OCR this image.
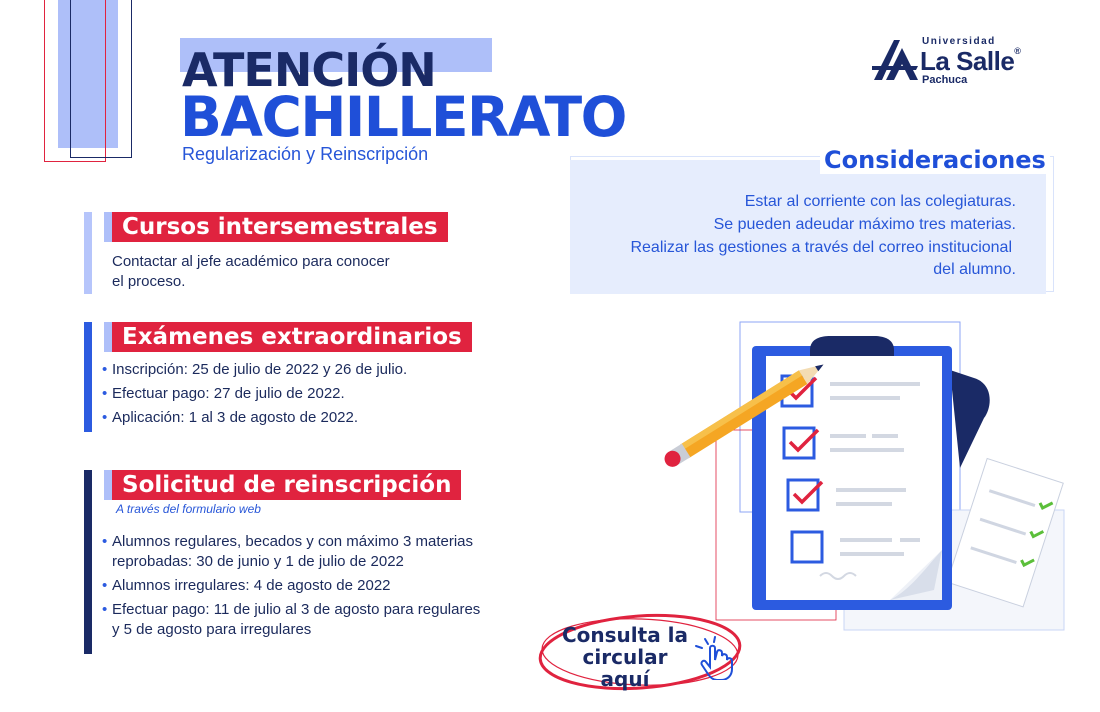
ATENCIÓN
BACHILLERATO
Regularización y Reinscripción
Universidad
La Salle®
Pachuca
Cursos intersemestrales
Contactar al jefe académico para conocer
el proceso.
Exámenes extraordinarios
• Inscripción: 25 de julio de 2022 y 26 de julio.
• Efectuar pago: 27 de julio de 2022.
• Aplicación: 1 al 3 de agosto de 2022.
Solicitud de reinscripción
A través del formulario web
• Alumnos regulares, becados y con máximo 3 materias
reprobadas: 30 de junio y 1 de julio de 2022
• Alumnos irregulares: 4 de agosto de 2022
• Efectuar pago: 11 de julio al 3 de agosto para regulares
y 5 de agosto para irregulares
Consideraciones
Estar al corriente con las colegiaturas.
Se pueden adeudar máximo tres materias.
Realizar las gestiones a través del correo institucional
del alumno.
Consulta la
circular aquí
